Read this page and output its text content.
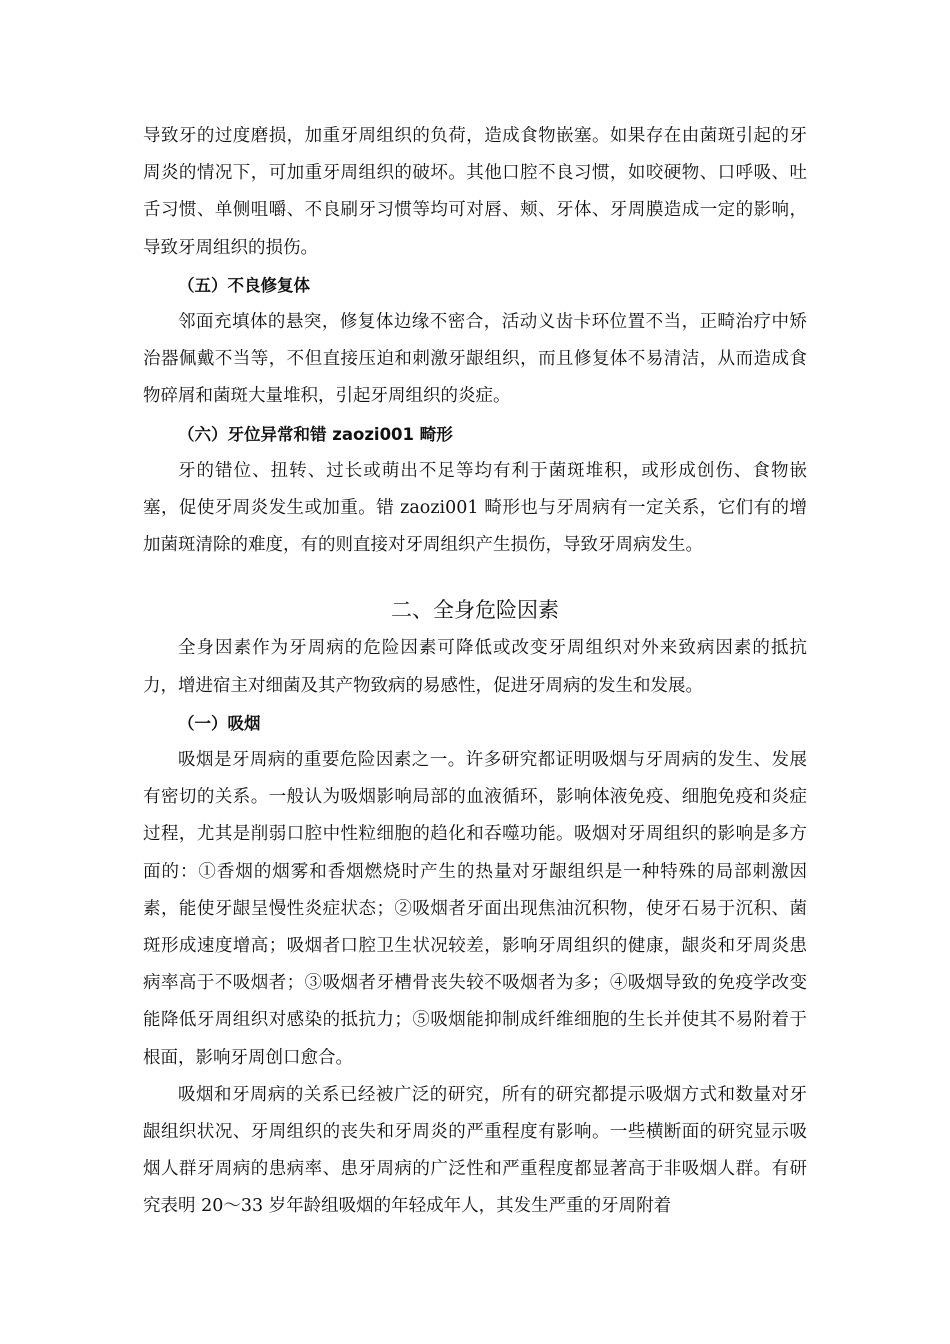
导致牙的过度磨损，加重牙周组织的负荷，造成食物嵌塞。如果存在由菌斑引起的牙周炎的情况下，可加重牙周组织的破坏。其他口腔不良习惯，如咬硬物、口呼吸、吐舌习惯、单侧咀嚼、不良刷牙习惯等均可对唇、颊、牙体、牙周膜造成一定的影响，导致牙周组织的损伤。

（五）不良修复体

邻面充填体的悬突，修复体边缘不密合，活动义齿卡环位置不当，正畸治疗中矫治器佩戴不当等，不但直接压迫和刺激牙龈组织，而且修复体不易清洁，从而造成食物碎屑和菌斑大量堆积，引起牙周组织的炎症。

（六）牙位异常和错 zaozi001 畸形

牙的错位、扭转、过长或萌出不足等均有利于菌斑堆积，或形成创伤、食物嵌塞，促使牙周炎发生或加重。错 zaozi001 畸形也与牙周病有一定关系，它们有的增加菌斑清除的难度，有的则直接对牙周组织产生损伤，导致牙周病发生。

二、全身危险因素

全身因素作为牙周病的危险因素可降低或改变牙周组织对外来致病因素的抵抗力，增进宿主对细菌及其产物致病的易感性，促进牙周病的发生和发展。

（一）吸烟

吸烟是牙周病的重要危险因素之一。许多研究都证明吸烟与牙周病的发生、发展有密切的关系。一般认为吸烟影响局部的血液循环，影响体液免疫、细胞免疫和炎症过程，尤其是削弱口腔中性粒细胞的趋化和吞噬功能。吸烟对牙周组织的影响是多方面的：①香烟的烟雾和香烟燃烧时产生的热量对牙龈组织是一种特殊的局部刺激因素，能使牙龈呈慢性炎症状态；②吸烟者牙面出现焦油沉积物，使牙石易于沉积、菌斑形成速度增高；吸烟者口腔卫生状况较差，影响牙周组织的健康，龈炎和牙周炎患病率高于不吸烟者；③吸烟者牙槽骨丧失较不吸烟者为多；④吸烟导致的免疫学改变能降低牙周组织对感染的抵抗力；⑤吸烟能抑制成纤维细胞的生长并使其不易附着于根面，影响牙周创口愈合。

吸烟和牙周病的关系已经被广泛的研究，所有的研究都提示吸烟方式和数量对牙龈组织状况、牙周组织的丧失和牙周炎的严重程度有影响。一些横断面的研究显示吸烟人群牙周病的患病率、患牙周病的广泛性和严重程度都显著高于非吸烟人群。有研究表明 20～33 岁年龄组吸烟的年轻成年人，其发生严重的牙周附着
